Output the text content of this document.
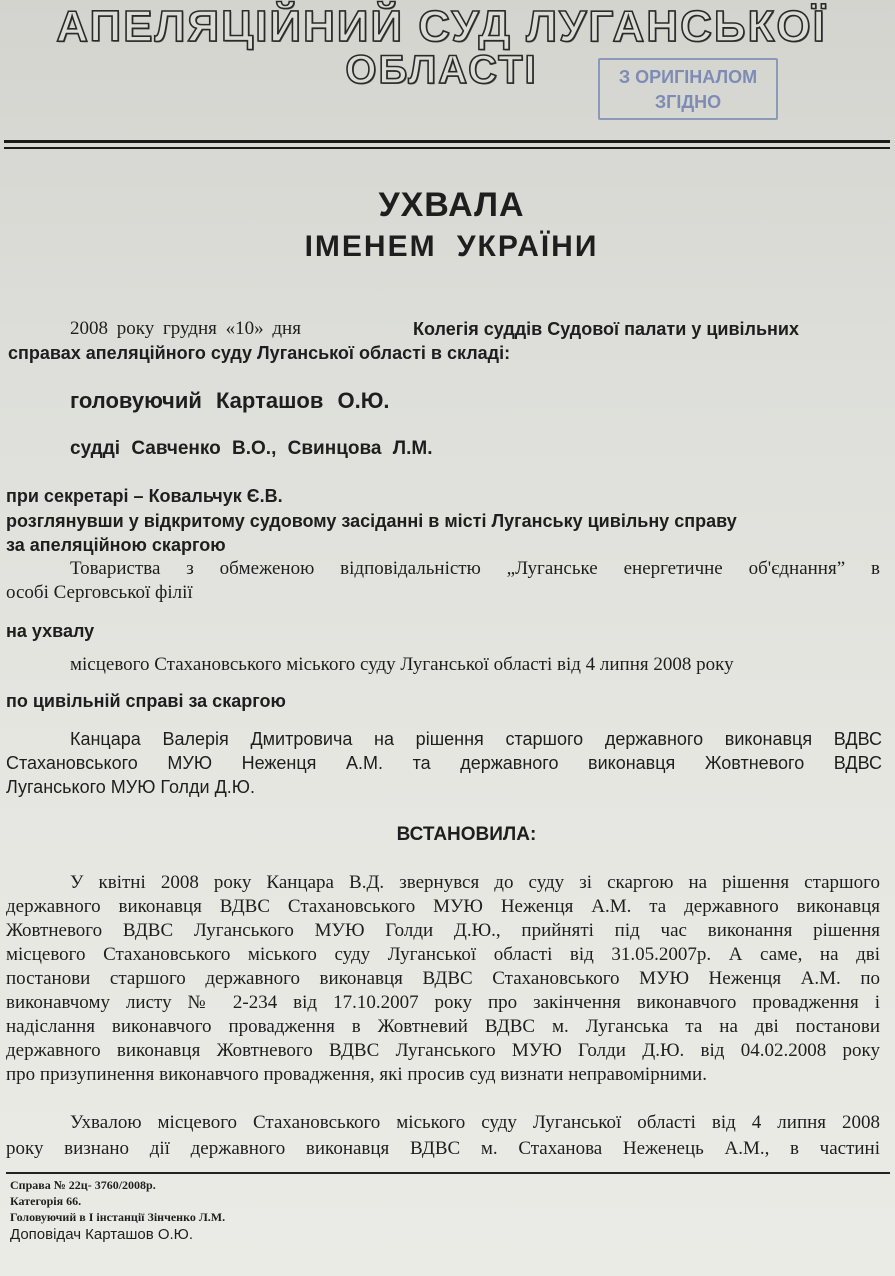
АПЕЛЯЦІЙНИЙ СУД ЛУГАНСЬКОЇ
ОБЛАСТІ	З ОРИГІНАЛОМ
ЗГІДНО
УХВАЛА
ІМЕНЕМ УКРАЇНИ
2008 року грудня «10» дня	Колегія суддів Судової палати у цивільних
справах апеляційного суду Луганської області в складі:
головуючий Карташов О.Ю.
судді Савченко В.О., Свинцова Л.М.
при секретарі – Ковальчук Є.В.
розглянувши у відкритому судовому засіданні в місті Луганську цивільну справу
за апеляційною скаргою
Товариства з обмеженою відповідальністю „Луганське енергетичне об'єднання” в
особі Серговської філії
на ухвалу
місцевого Стахановського міського суду Луганської області від 4 липня 2008 року
по цивільній справі за скаргою
Канцара Валерія Дмитровича на рішення старшого державного виконавця ВДВС
Стахановського МУЮ Неженця А.М. та державного виконавця Жовтневого ВДВС
Луганського МУЮ Голди Д.Ю.
ВСТАНОВИЛА:
У квітні 2008 року Канцара В.Д. звернувся до суду зі скаргою на рішення старшого
державного виконавця ВДВС Стахановського МУЮ Неженця А.М. та державного виконавця
Жовтневого ВДВС Луганського МУЮ Голди Д.Ю., прийняті під час виконання рішення
місцевого Стахановського міського суду Луганської області від 31.05.2007р. А саме, на дві
постанови старшого державного виконавця ВДВС Стахановського МУЮ Неженця А.М. по
виконавчому листу № 2-234 від 17.10.2007 року про закінчення виконавчого провадження і
надіслання виконавчого провадження в Жовтневий ВДВС м. Луганська та на дві постанови
державного виконавця Жовтневого ВДВС Луганського МУЮ Голди Д.Ю. від 04.02.2008 року
про призупинення виконавчого провадження, які просив суд визнати неправомірними.
Ухвалою місцевого Стахановського міського суду Луганської області від 4 липня 2008
року визнано дії державного виконавця ВДВС м. Стаханова Неженець А.М., в частині
Справа № 22ц- 3760/2008р.
Категорія 66.
Головуючий в I інстанції Зінченко Л.М.
Доповідач Карташов О.Ю.
